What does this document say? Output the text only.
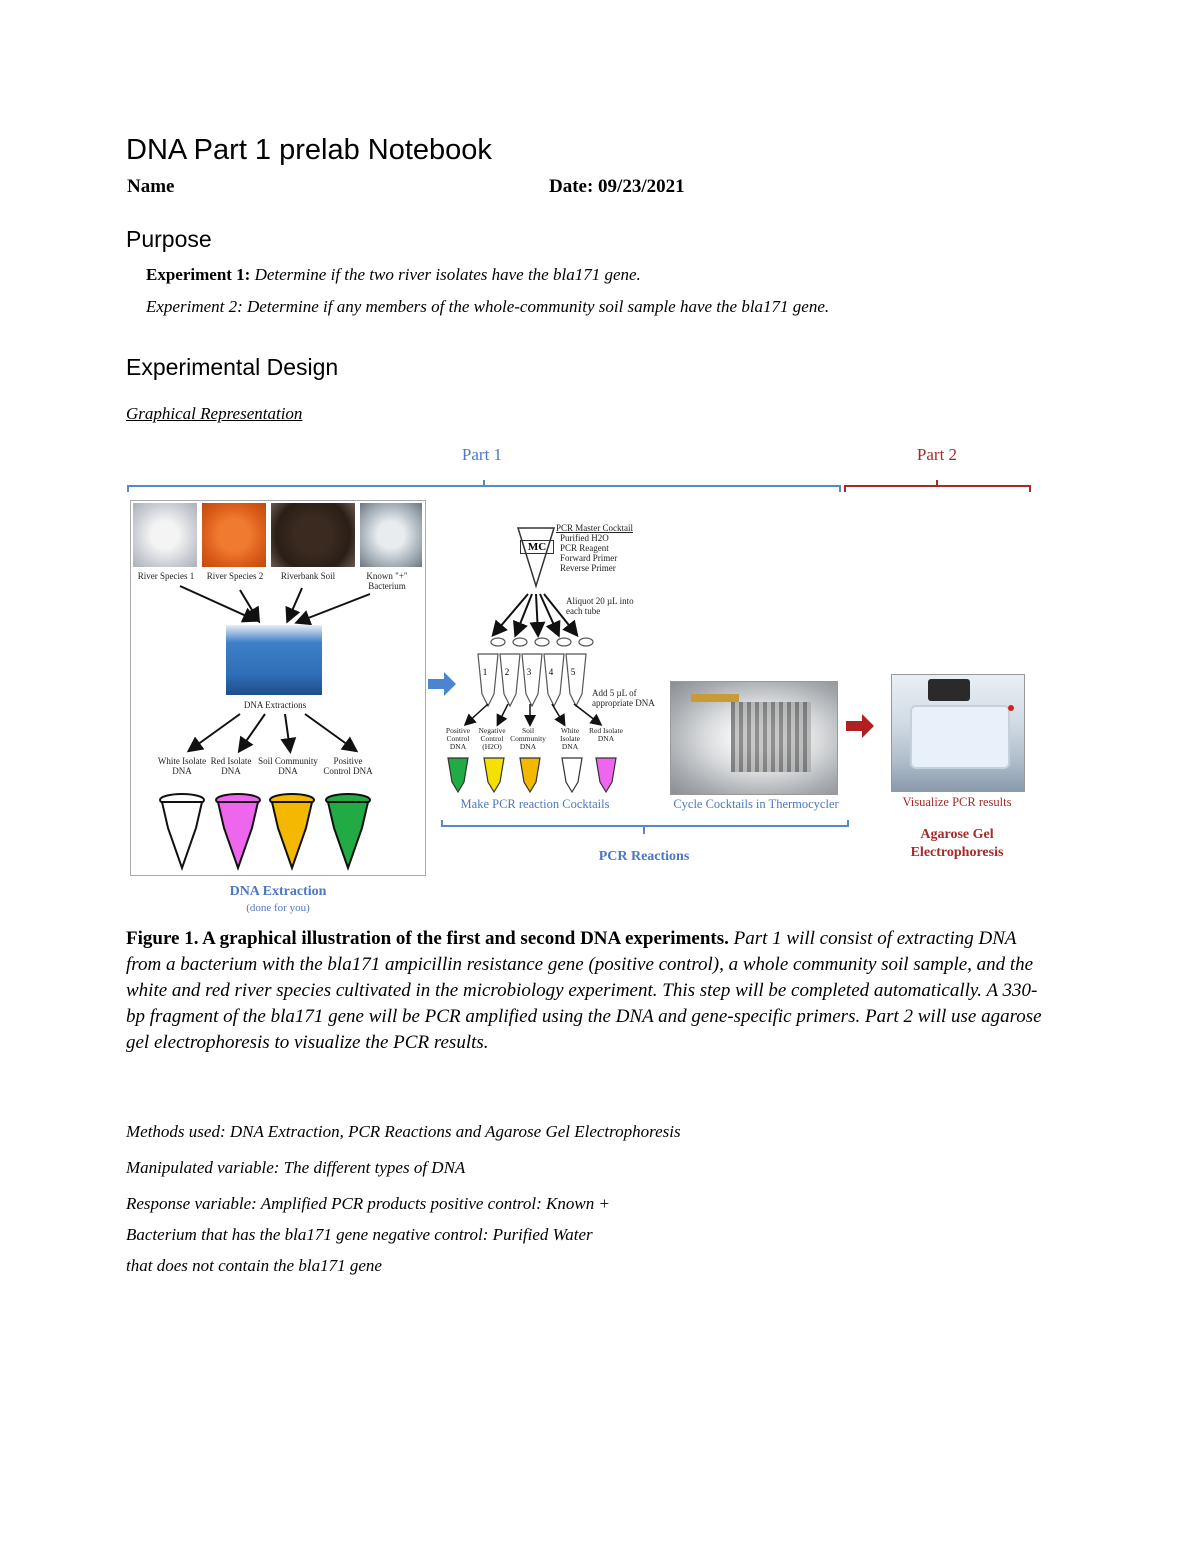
DNA Part 1 prelab Notebook
Name	Date: 09/23/2021
Purpose
Experiment 1: Determine if the two river isolates have the bla171 gene.
Experiment 2: Determine if any members of the whole-community soil sample have the bla171 gene.
Experimental Design
Graphical Representation
Part 1	Part 2
River Species 1	River Species 2	Riverbank Soil	Known "+" Bacterium
DNA Extractions
White Isolate DNA
Red Isolate DNA
Soil Community DNA
Positive Control DNA
DNA Extraction
(done for you)
MC
PCR Master Cocktail
Purified H2O
PCR Reagent
Forward Primer
Reverse Primer
Aliquot 20 µL into each tube
1	2	3	4	5
Add 5 µL of appropriate DNA
Positive Control DNA
Negative Control (H2O)
Soil Community DNA
White Isolate DNA
Red Isolate DNA
Make PCR reaction Cocktails	Cycle Cocktails in Thermocycler
PCR Reactions
Visualize PCR results
Agarose Gel Electrophoresis
Figure 1. A graphical illustration of the first and second DNA experiments. Part 1 will consist of extracting DNA from a bacterium with the bla171 ampicillin resistance gene (positive control), a whole community soil sample, and the white and red river species cultivated in the microbiology experiment. This step will be completed automatically. A 330-bp fragment of the bla171 gene will be PCR amplified using the DNA and gene-specific primers. Part 2 will use agarose gel electrophoresis to visualize the PCR results.
Methods used: DNA Extraction, PCR Reactions and Agarose Gel Electrophoresis
Manipulated variable: The different types of DNA
Response variable: Amplified PCR products positive control: Known +
Bacterium that has the bla171 gene negative control: Purified Water
that does not contain the bla171 gene
